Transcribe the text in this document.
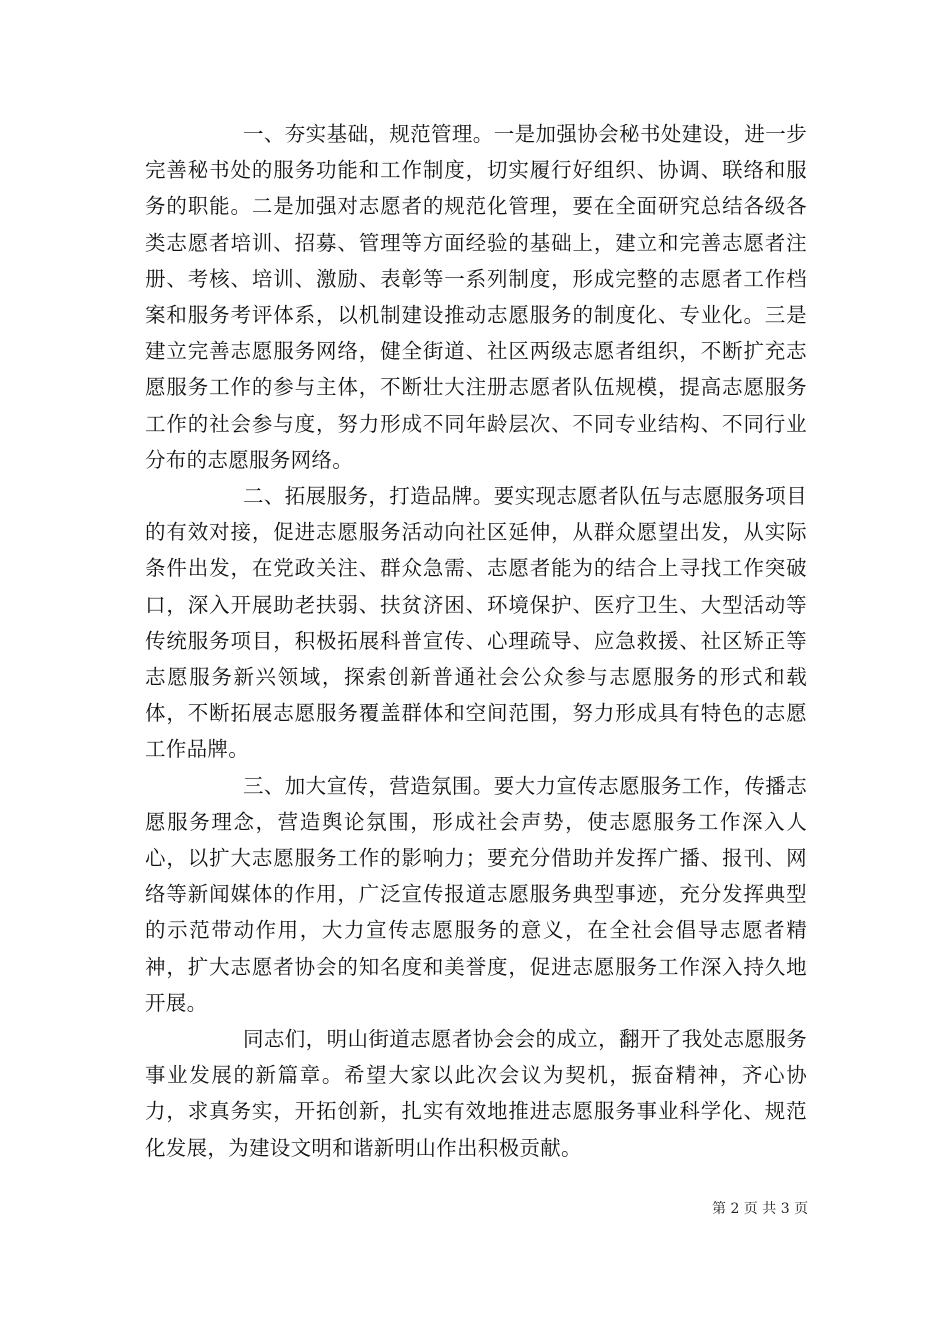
一、夯实基础，规范管理。一是加强协会秘书处建设，进一步完善秘书处的服务功能和工作制度，切实履行好组织、协调、联络和服务的职能。二是加强对志愿者的规范化管理，要在全面研究总结各级各类志愿者培训、招募、管理等方面经验的基础上，建立和完善志愿者注册、考核、培训、激励、表彰等一系列制度，形成完整的志愿者工作档案和服务考评体系，以机制建设推动志愿服务的制度化、专业化。三是建立完善志愿服务网络，健全街道、社区两级志愿者组织，不断扩充志愿服务工作的参与主体，不断壮大注册志愿者队伍规模，提高志愿服务工作的社会参与度，努力形成不同年龄层次、不同专业结构、不同行业分布的志愿服务网络。

二、拓展服务，打造品牌。要实现志愿者队伍与志愿服务项目的有效对接，促进志愿服务活动向社区延伸，从群众愿望出发，从实际条件出发，在党政关注、群众急需、志愿者能为的结合上寻找工作突破口，深入开展助老扶弱、扶贫济困、环境保护、医疗卫生、大型活动等传统服务项目，积极拓展科普宣传、心理疏导、应急救援、社区矫正等志愿服务新兴领域，探索创新普通社会公众参与志愿服务的形式和载体，不断拓展志愿服务覆盖群体和空间范围，努力形成具有特色的志愿工作品牌。

三、加大宣传，营造氛围。要大力宣传志愿服务工作，传播志愿服务理念，营造舆论氛围，形成社会声势，使志愿服务工作深入人心，以扩大志愿服务工作的影响力；要充分借助并发挥广播、报刊、网络等新闻媒体的作用，广泛宣传报道志愿服务典型事迹，充分发挥典型的示范带动作用，大力宣传志愿服务的意义，在全社会倡导志愿者精神，扩大志愿者协会的知名度和美誉度，促进志愿服务工作深入持久地开展。

同志们，明山街道志愿者协会会的成立，翻开了我处志愿服务事业发展的新篇章。希望大家以此次会议为契机，振奋精神，齐心协力，求真务实，开拓创新，扎实有效地推进志愿服务事业科学化、规范化发展，为建设文明和谐新明山作出积极贡献。

第 2 页 共 3 页
